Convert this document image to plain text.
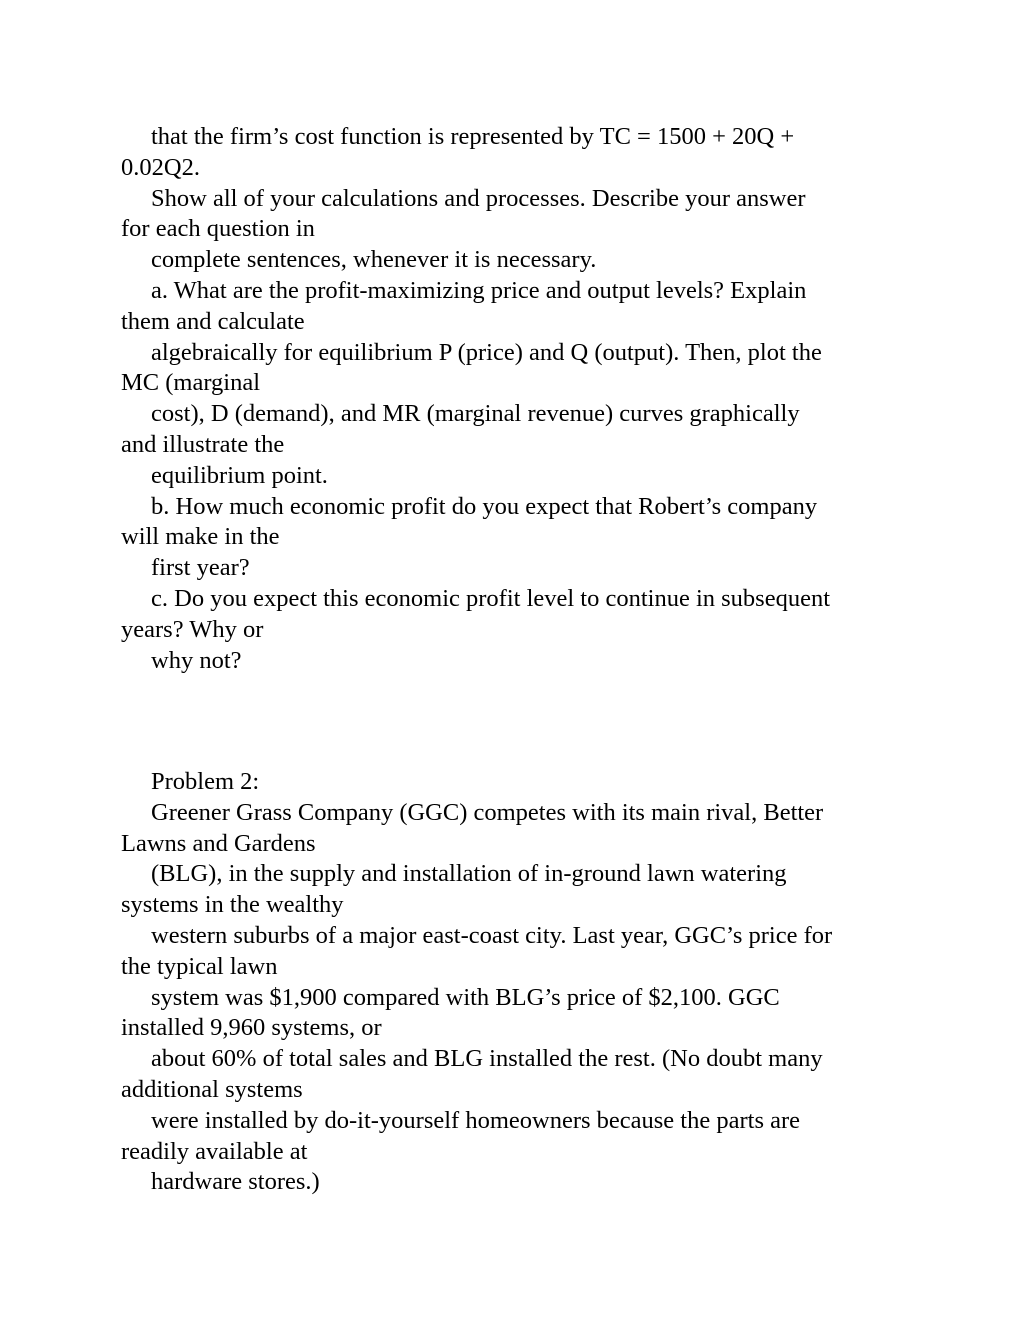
that the firm’s cost function is represented by TC = 1500 + 20Q +
0.02Q2.
Show all of your calculations and processes. Describe your answer
for each question in
complete sentences, whenever it is necessary.
a. What are the profit-maximizing price and output levels? Explain
them and calculate
algebraically for equilibrium P (price) and Q (output). Then, plot the
MC (marginal
cost), D (demand), and MR (marginal revenue) curves graphically
and illustrate the
equilibrium point.
b. How much economic profit do you expect that Robert’s company
will make in the
first year?
c. Do you expect this economic profit level to continue in subsequent
years? Why or
why not?
Problem 2:
Greener Grass Company (GGC) competes with its main rival, Better
Lawns and Gardens
(BLG), in the supply and installation of in-ground lawn watering
systems in the wealthy
western suburbs of a major east-coast city. Last year, GGC’s price for
the typical lawn
system was $1,900 compared with BLG’s price of $2,100. GGC
installed 9,960 systems, or
about 60% of total sales and BLG installed the rest. (No doubt many
additional systems
were installed by do-it-yourself homeowners because the parts are
readily available at
hardware stores.)
